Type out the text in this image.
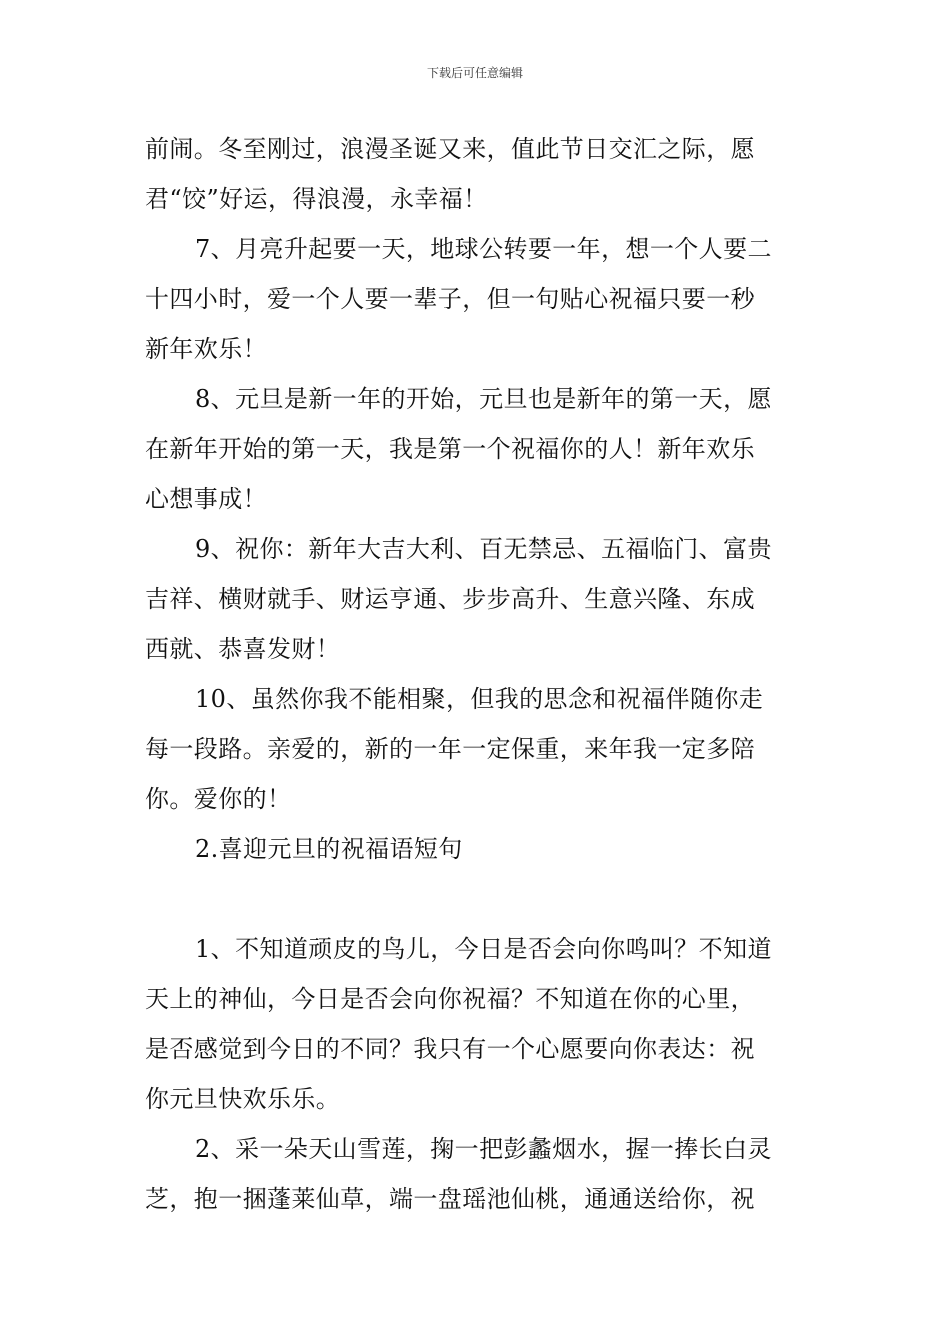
下载后可任意编辑
前闹。冬至刚过，浪漫圣诞又来，值此节日交汇之际，愿
君“饺”好运，得浪漫，永幸福！
7、月亮升起要一天，地球公转要一年，想一个人要二
十四小时，爱一个人要一辈子，但一句贴心祝福只要一秒
新年欢乐！
8、元旦是新一年的开始，元旦也是新年的第一天，愿
在新年开始的第一天，我是第一个祝福你的人！新年欢乐
心想事成！
9、祝你：新年大吉大利、百无禁忌、五福临门、富贵
吉祥、横财就手、财运亨通、步步高升、生意兴隆、东成
西就、恭喜发财！
10、虽然你我不能相聚，但我的思念和祝福伴随你走
每一段路。亲爱的，新的一年一定保重，来年我一定多陪
你。爱你的！
2.喜迎元旦的祝福语短句
1、不知道顽皮的鸟儿，今日是否会向你鸣叫？不知道
天上的神仙，今日是否会向你祝福？不知道在你的心里，
是否感觉到今日的不同？我只有一个心愿要向你表达：祝
你元旦快欢乐乐。
2、采一朵天山雪莲，掬一把彭蠡烟水，握一捧长白灵
芝，抱一捆蓬莱仙草，端一盘瑶池仙桃，通通送给你，祝
